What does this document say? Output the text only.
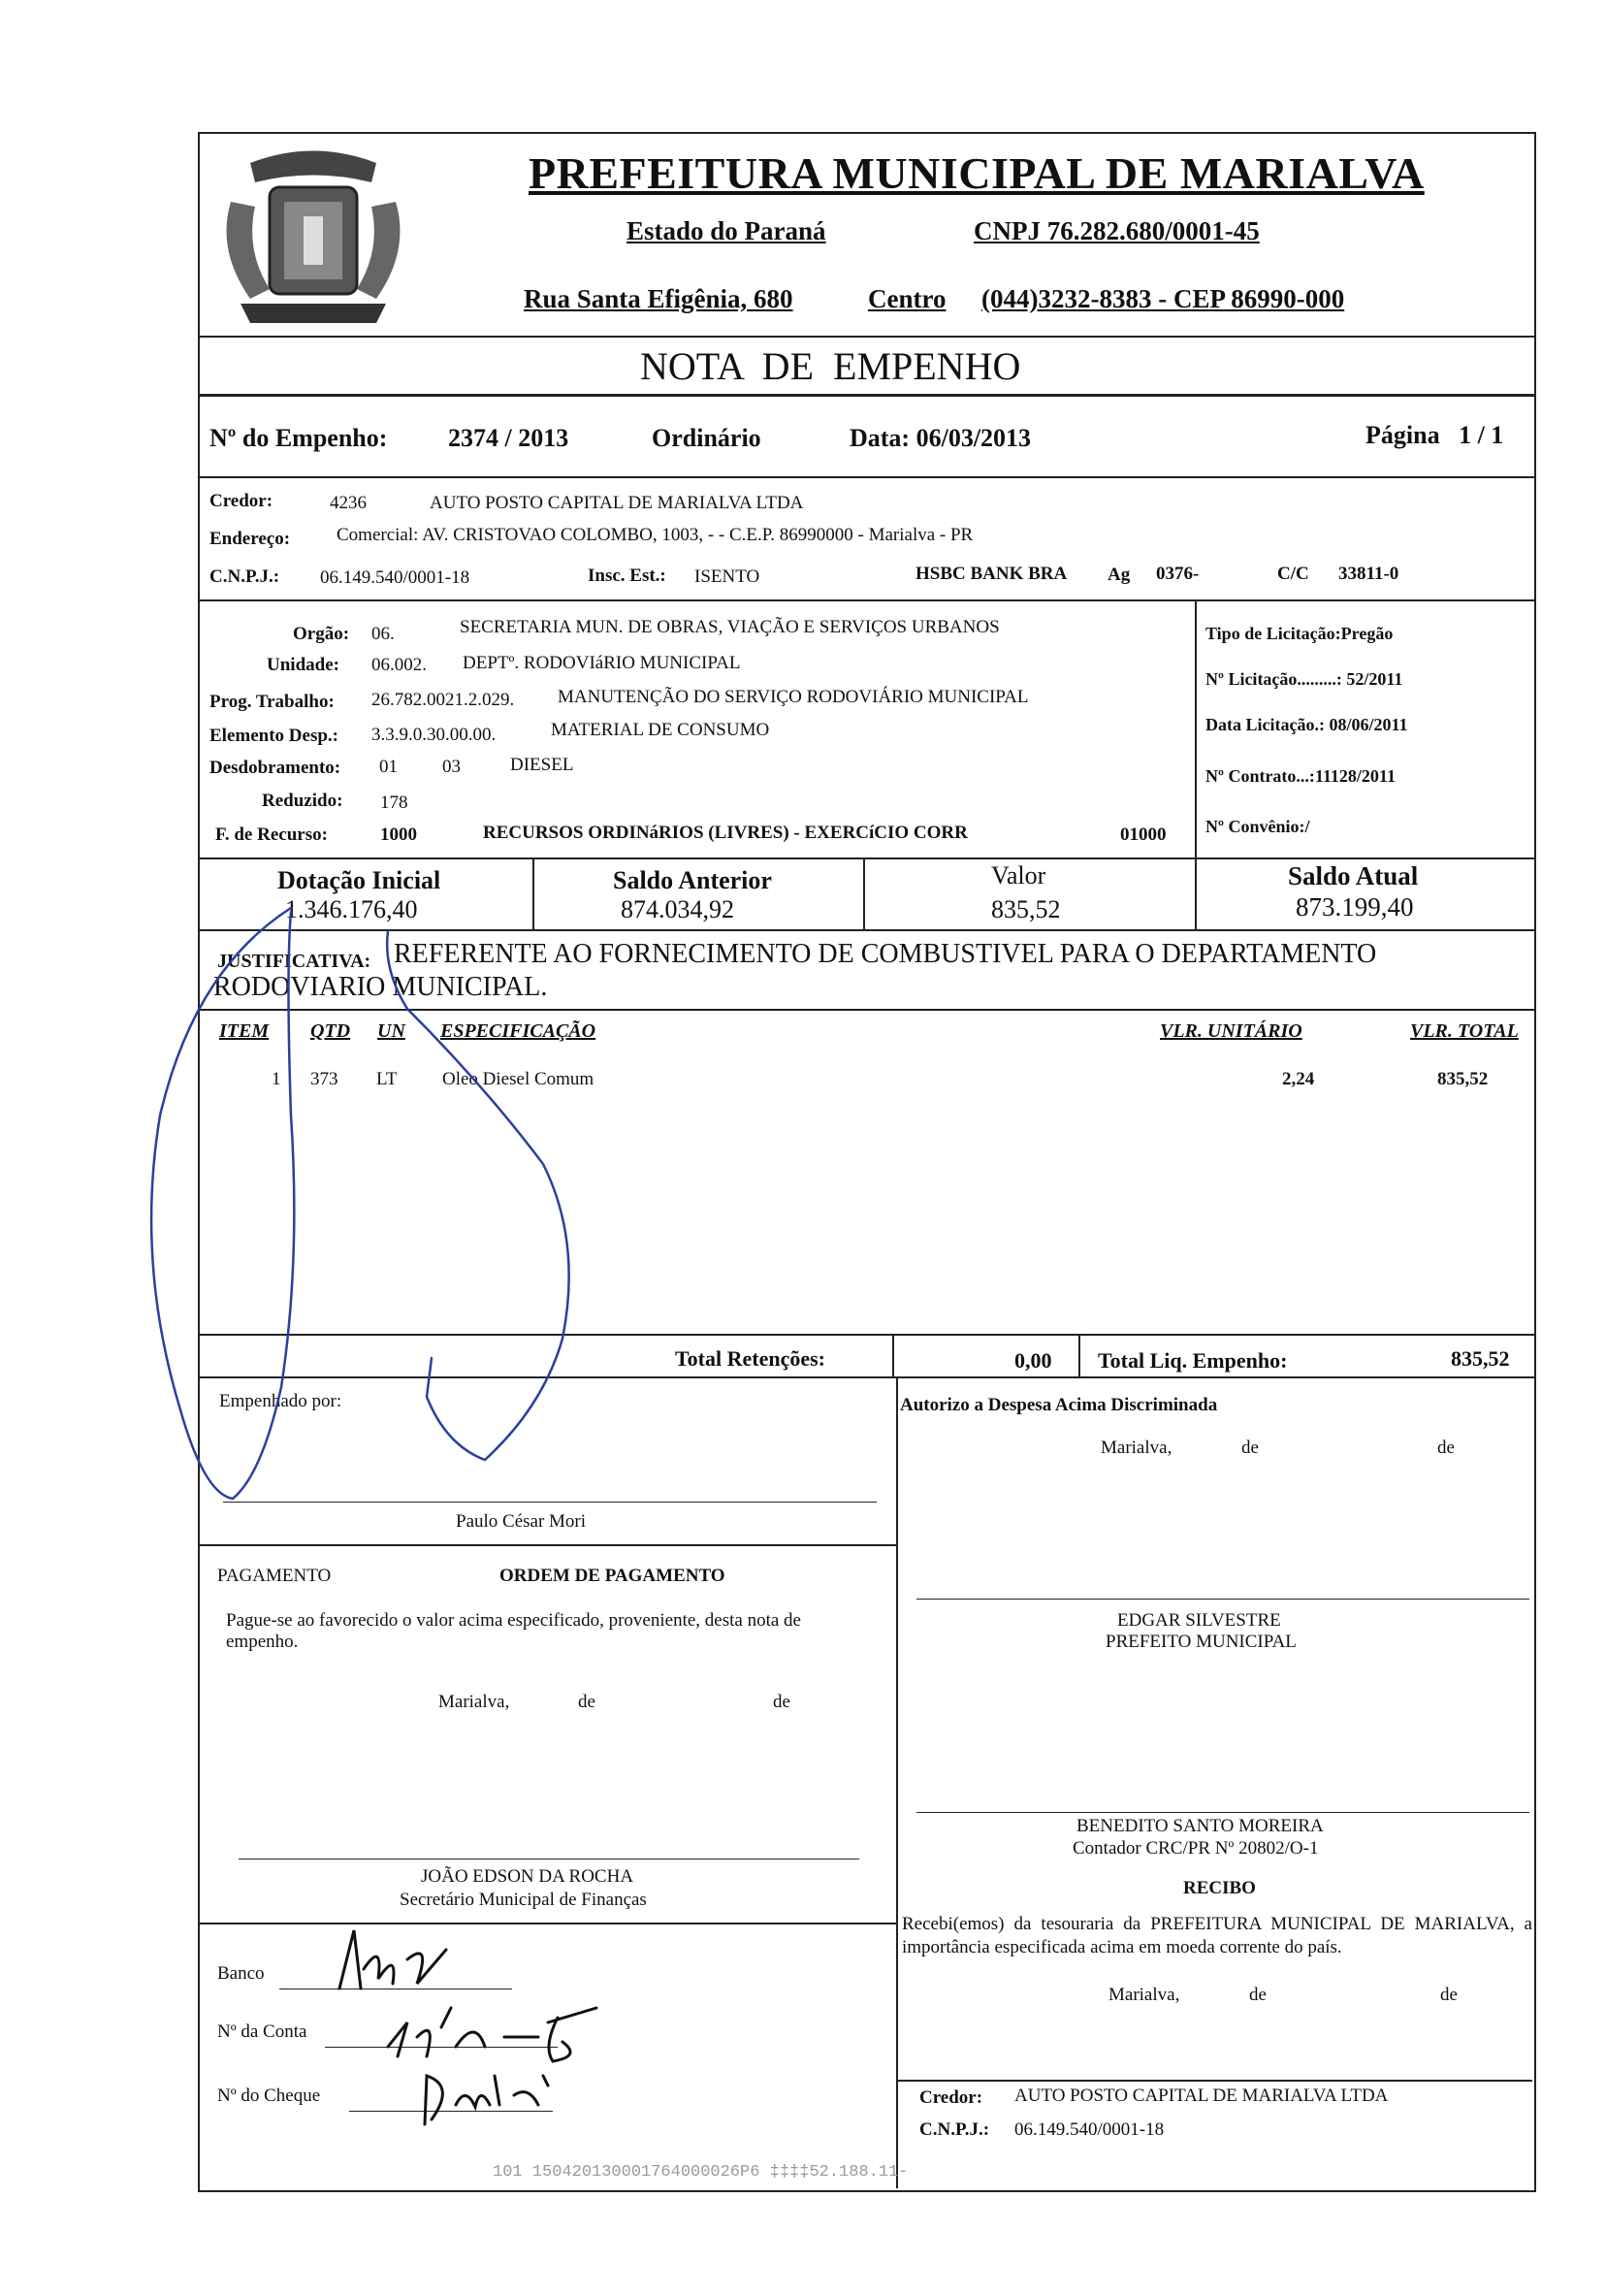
PREFEITURA MUNICIPAL DE MARIALVA
Estado do Paraná	CNPJ 76.282.680/0001-45
Rua Santa Efigênia, 680	Centro (044)3232-8383 - CEP 86990-000
NOTA  DE  EMPENHO
Nº do Empenho: 2374 / 2013	Ordinário	Data: 06/03/2013	Página   1 / 1
Credor:	4236	AUTO POSTO CAPITAL DE MARIALVA LTDA
Endereço:	Comercial: AV. CRISTOVAO COLOMBO, 1003, - - C.E.P. 86990000 - Marialva - PR
C.N.P.J.: 06.149.540/0001-18	Insc. Est.: ISENTO	HSBC BANK BRA Ag 0376-	C/C 33811-0
Orgão: 06.	SECRETARIA MUN. DE OBRAS, VIAÇÃO E SERVIÇOS URBANOS
Unidade: 06.002. DEPTº. RODOVIáRIO MUNICIPAL
Prog. Trabalho: 26.782.0021.2.029. MANUTENÇÃO DO SERVIÇO RODOVIÁRIO MUNICIPAL
Elemento Desp.: 3.3.9.0.30.00.00.	MATERIAL DE CONSUMO
Desdobramento: 01 03	DIESEL
Reduzido: 178
F. de Recurso:	1000	RECURSOS ORDINáRIOS (LIVRES) - EXERCíCIO CORR	01000
Tipo de Licitação:Pregão
Nº Licitação.........: 52/2011
Data Licitação.: 08/06/2011
Nº Contrato...:11128/2011
Nº Convênio:/
Dotação Inicial
1.346.176,40
Saldo Anterior
874.034,92
Valor
835,52
Saldo Atual
873.199,40
JUSTIFICATIVA: REFERENTE AO FORNECIMENTO DE COMBUSTIVEL PARA O DEPARTAMENTO
RODOVIARIO MUNICIPAL.
ITEM QTD UN ESPECIFICAÇÃO	VLR. UNITÁRIO	VLR. TOTAL
1 373 LT Oleo Diesel Comum	2,24	835,52
Total Retenções:	0,00 Total Liq. Empenho:	835,52
Empenhado por:
Paulo César Mori
Autorizo a Despesa Acima Discriminada
Marialva,	de	de
PAGAMENTO	ORDEM DE PAGAMENTO
Pague-se ao favorecido o valor acima especificado, proveniente, desta nota de empenho.
Marialva,	de	de
EDGAR SILVESTRE
PREFEITO MUNICIPAL
BENEDITO SANTO MOREIRA
Contador CRC/PR Nº 20802/O-1
JOÃO EDSON DA ROCHA
Secretário Municipal de Finanças
RECIBO
Recebi(emos) da tesouraria da PREFEITURA MUNICIPAL DE MARIALVA, a importância especificada acima em moeda corrente do país.
Marialva,	de	de
Banco
Nº da Conta
Nº do Cheque	Credor: AUTO POSTO CAPITAL DE MARIALVA LTDA
C.N.P.J.: 06.149.540/0001-18
101 150420130001764000026P6 ‡‡‡‡52.188.11-
